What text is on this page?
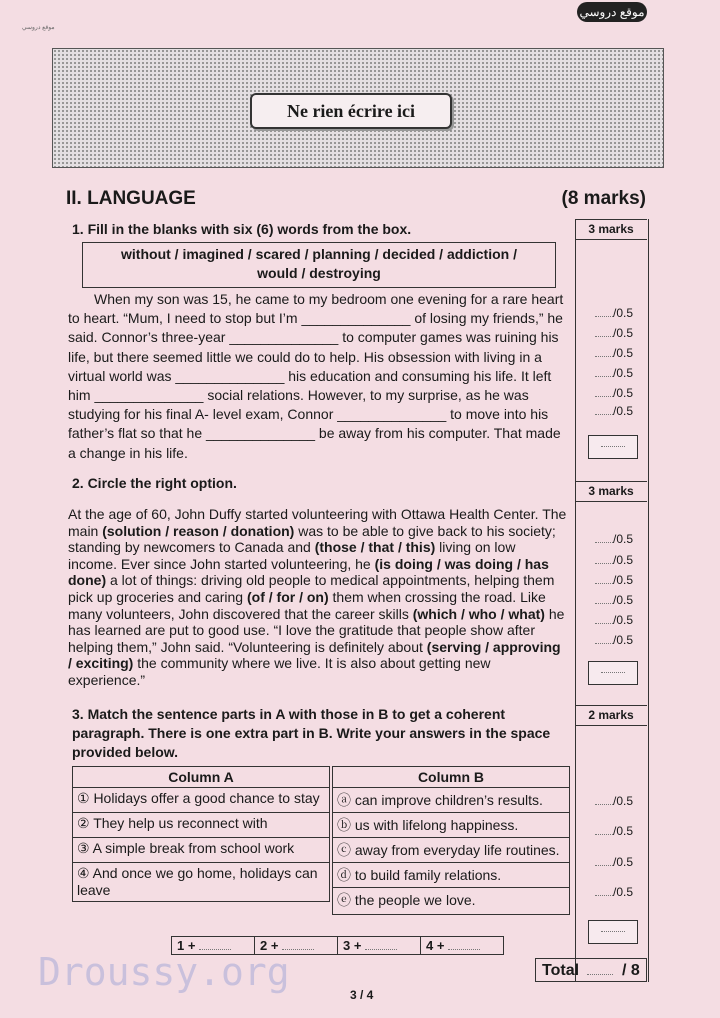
موقع دروسي
موقع دروسي
Ne rien écrire ici
II. LANGUAGE	(8 marks)
3 marks
3 marks
2 marks
1. Fill in the blanks with six (6) words from the box.
without / imagined / scared / planning / decided / addiction /
would / destroying
When my son was 15, he came to my bedroom one evening for a rare heart
to heart. “Mum, I need to stop but I’m ______________ of losing my friends,” he
said. Connor’s three-year ______________ to computer games was ruining his
life, but there seemed little we could do to help. His obsession with living in a
virtual world was ______________ his education and consuming his life. It left
him ______________ social relations. However, to my surprise, as he was
studying for his final A- level exam, Connor ______________ to move into his
father’s flat so that he ______________ be away from his computer. That made
a change in his life.
/0.5
/0.5
/0.5
/0.5
/0.5
/0.5
2. Circle the right option.
At the age of 60, John Duffy started volunteering with Ottawa Health Center. The
main (solution / reason / donation) was to be able to give back to his society;
standing by newcomers to Canada and (those / that / this) living on low
income. Ever since John started volunteering, he (is doing / was doing / has
done) a lot of things: driving old people to medical appointments, helping them
pick up groceries and caring (of / for / on) them when crossing the road. Like
many volunteers, John discovered that the career skills (which / who / what) he
has learned are put to good use. “I love the gratitude that people show after
helping them,” John said. “Volunteering is definitely about (serving / approving
/ exciting) the community where we live. It is also about getting new
experience.”
/0.5
/0.5
/0.5
/0.5
/0.5
/0.5
3. Match the sentence parts in A with those in B to get a coherent
paragraph. There is one extra part in B. Write your answers in the space
provided below.
Column A
① Holidays offer a good chance to stay
② They help us reconnect with
③ A simple break from school work
④ And once we go home, holidays can leave
Column B
ⓐ can improve children’s results.
ⓑ us with lifelong happiness.
ⓒ away from everyday life routines.
ⓓ to build family relations.
ⓔ the people we love.
/0.5
/0.5
/0.5
/0.5
1 +	2 +	3 +	4 +
Total	/ 8
Droussy.org
3 / 4
